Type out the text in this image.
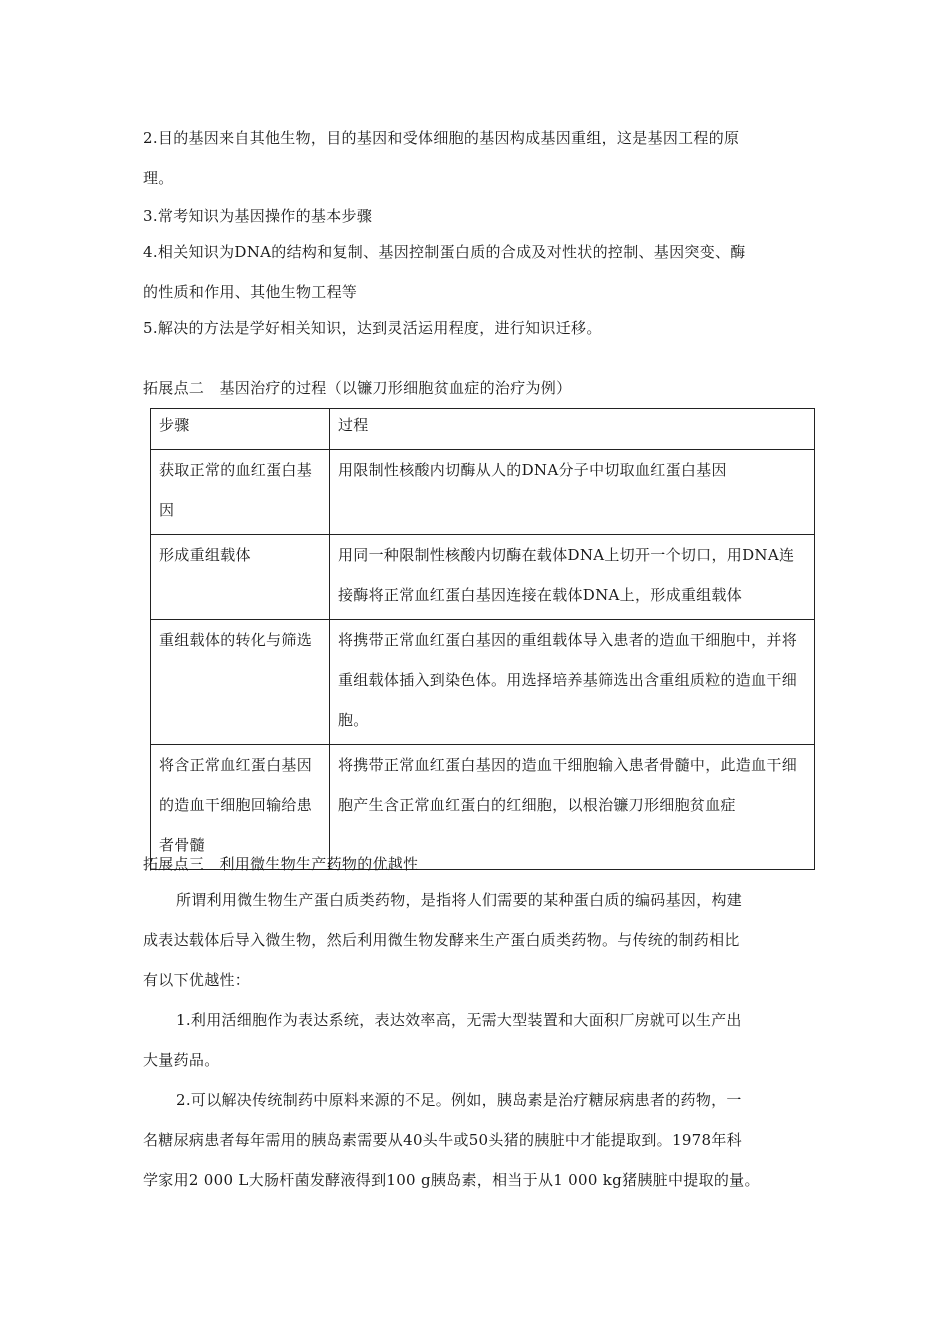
2.目的基因来自其他生物，目的基因和受体细胞的基因构成基因重组，这是基因工程的原
理。
3.常考知识为基因操作的基本步骤
4.相关知识为DNA的结构和复制、基因控制蛋白质的合成及对性状的控制、基因突变、酶
的性质和作用、其他生物工程等
5.解决的方法是学好相关知识，达到灵活运用程度，进行知识迁移。
拓展点二　基因治疗的过程（以镰刀形细胞贫血症的治疗为例）
步骤	过程
获取正常的血红蛋白基因	用限制性核酸内切酶从人的DNA分子中切取血红蛋白基因
形成重组载体	用同一种限制性核酸内切酶在载体DNA上切开一个切口，用DNA连接酶将正常血红蛋白基因连接在载体DNA上，形成重组载体
重组载体的转化与筛选	将携带正常血红蛋白基因的重组载体导入患者的造血干细胞中，并将重组载体插入到染色体。用选择培养基筛选出含重组质粒的造血干细胞。
将含正常血红蛋白基因的造血干细胞回输给患者骨髓	将携带正常血红蛋白基因的造血干细胞输入患者骨髓中，此造血干细胞产生含正常血红蛋白的红细胞，以根治镰刀形细胞贫血症
拓展点三　利用微生物生产药物的优越性
所谓利用微生物生产蛋白质类药物，是指将人们需要的某种蛋白质的编码基因，构建
成表达载体后导入微生物，然后利用微生物发酵来生产蛋白质类药物。与传统的制药相比
有以下优越性：
1.利用活细胞作为表达系统，表达效率高，无需大型装置和大面积厂房就可以生产出
大量药品。
2.可以解决传统制药中原料来源的不足。例如，胰岛素是治疗糖尿病患者的药物，一
名糖尿病患者每年需用的胰岛素需要从40头牛或50头猪的胰脏中才能提取到。1978年科
学家用2 000 L大肠杆菌发酵液得到100 g胰岛素，相当于从1 000 kg猪胰脏中提取的量。
